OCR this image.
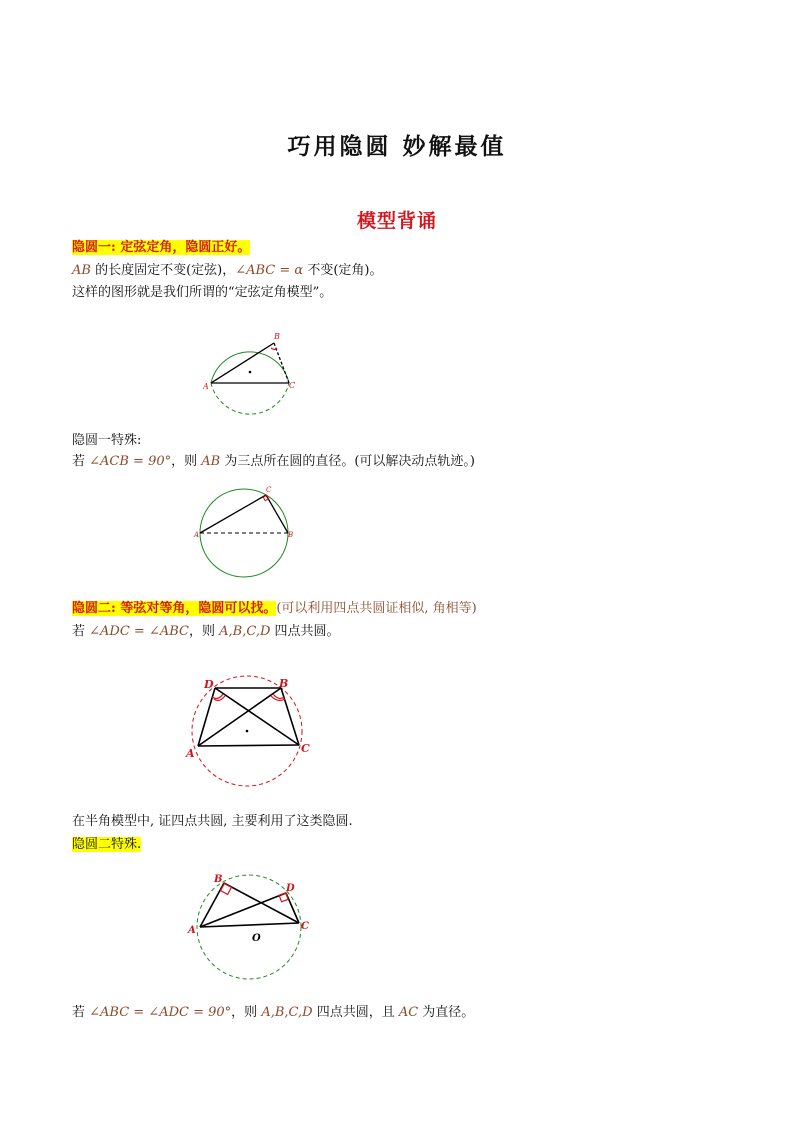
巧用隐圆 妙解最值
模型背诵
隐圆一: 定弦定角，隐圆正好。
AB 的长度固定不变(定弦)，∠ABC = α 不变(定角)。
这样的图形就是我们所谓的“定弦定角模型”。
A
B
C
隐圆一特殊:
若 ∠ACB = 90°，则 AB 为三点所在圆的直径。(可以解决动点轨迹。)
A	B
C
隐圆二: 等弦对等角，隐圆可以找。(可以利用四点共圆证相似, 角相等)
若 ∠ADC = ∠ABC，则 A,B,C,D 四点共圆。
A
B
C
D
在半角模型中, 证四点共圆, 主要利用了这类隐圆.
隐圆二特殊.
A
B
C
D
O
若 ∠ABC = ∠ADC = 90°，则 A,B,C,D 四点共圆，且 AC 为直径。
